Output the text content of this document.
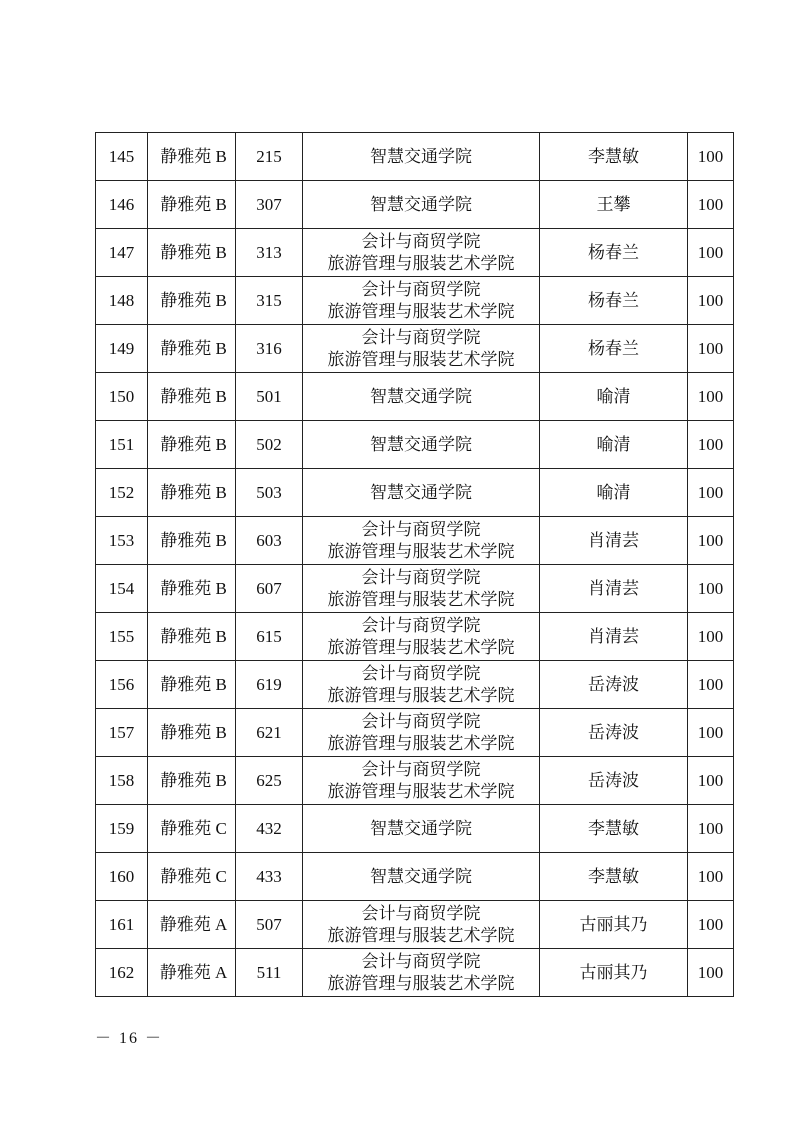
145	静雅苑 B	215	智慧交通学院	李慧敏	100
146	静雅苑 B	307	智慧交通学院	王攀	100
147	静雅苑 B	313	会计与商贸学院
旅游管理与服装艺术学院	杨春兰	100
148	静雅苑 B	315	会计与商贸学院
旅游管理与服装艺术学院	杨春兰	100
149	静雅苑 B	316	会计与商贸学院
旅游管理与服装艺术学院	杨春兰	100
150	静雅苑 B	501	智慧交通学院	喻清	100
151	静雅苑 B	502	智慧交通学院	喻清	100
152	静雅苑 B	503	智慧交通学院	喻清	100
153	静雅苑 B	603	会计与商贸学院
旅游管理与服装艺术学院	肖清芸	100
154	静雅苑 B	607	会计与商贸学院
旅游管理与服装艺术学院	肖清芸	100
155	静雅苑 B	615	会计与商贸学院
旅游管理与服装艺术学院	肖清芸	100
156	静雅苑 B	619	会计与商贸学院
旅游管理与服装艺术学院	岳涛波	100
157	静雅苑 B	621	会计与商贸学院
旅游管理与服装艺术学院	岳涛波	100
158	静雅苑 B	625	会计与商贸学院
旅游管理与服装艺术学院	岳涛波	100
159	静雅苑 C	432	智慧交通学院	李慧敏	100
160	静雅苑 C	433	智慧交通学院	李慧敏	100
161	静雅苑 A	507	会计与商贸学院
旅游管理与服装艺术学院	古丽其乃	100
162	静雅苑 A	511	会计与商贸学院
旅游管理与服装艺术学院	古丽其乃	100
－ 16 －
